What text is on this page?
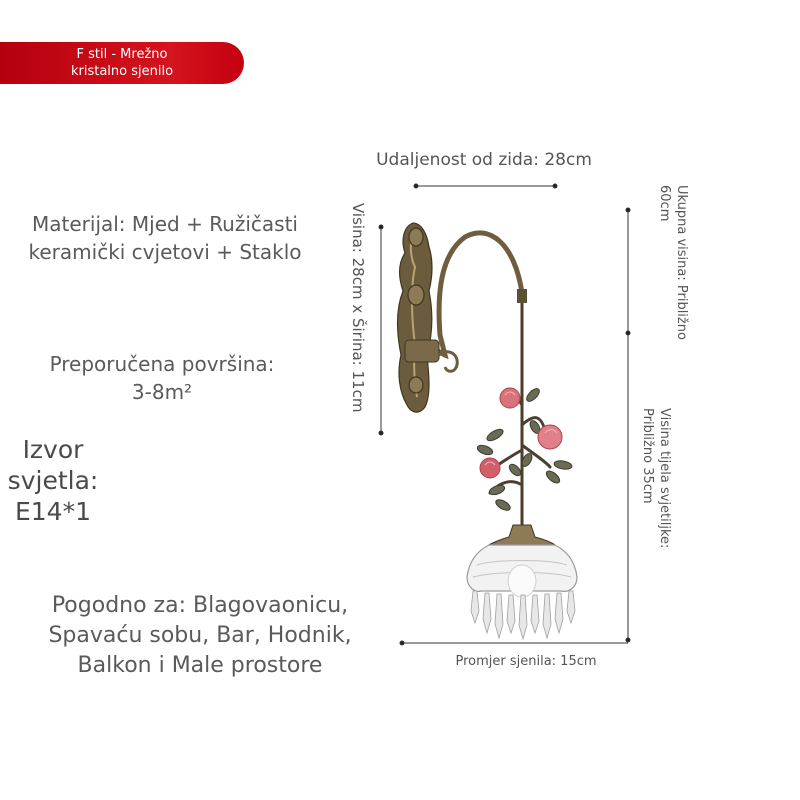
F stil - Mrežno
kristalno sjenilo
Materijal: Mjed + Ružičasti
keramički cvjetovi + Staklo
Preporučena površina:
3-8m²
Izvor
svjetla:
E14*1
Pogodno za: Blagovaonicu,
Spavaću sobu, Bar, Hodnik,
Balkon i Male prostore
Udaljenost od zida: 28cm
Promjer sjenila: 15cm
Visina: 28cm x Širina: 11cm	Ukupna visina: Približno
60cm
Visina tijela svjetiljke:
Približno 35cm
